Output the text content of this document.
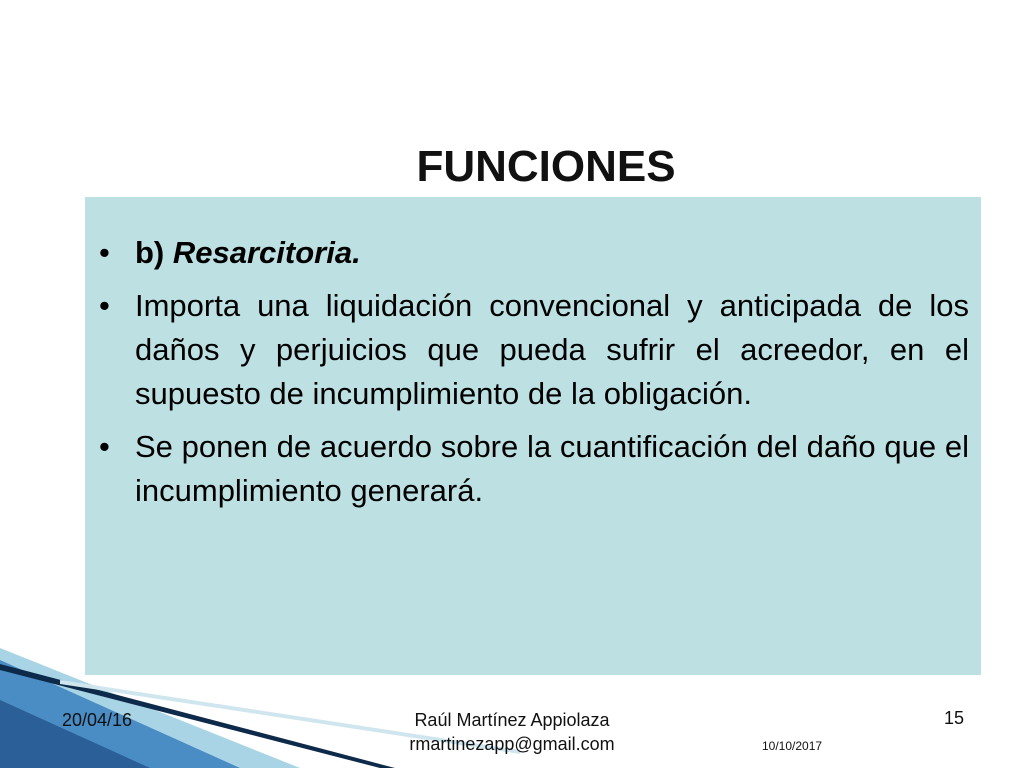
FUNCIONES
• b) Resarcitoria.
• Importa una liquidación convencional y anticipada de los daños y perjuicios que pueda sufrir el acreedor, en el supuesto de incumplimiento de la obligación.
• Se ponen de acuerdo sobre la cuantificación del daño que el incumplimiento generará.
20/04/16	Raúl Martínez Appiolaza
rmartinezapp@gmail.com
15
10/10/2017
